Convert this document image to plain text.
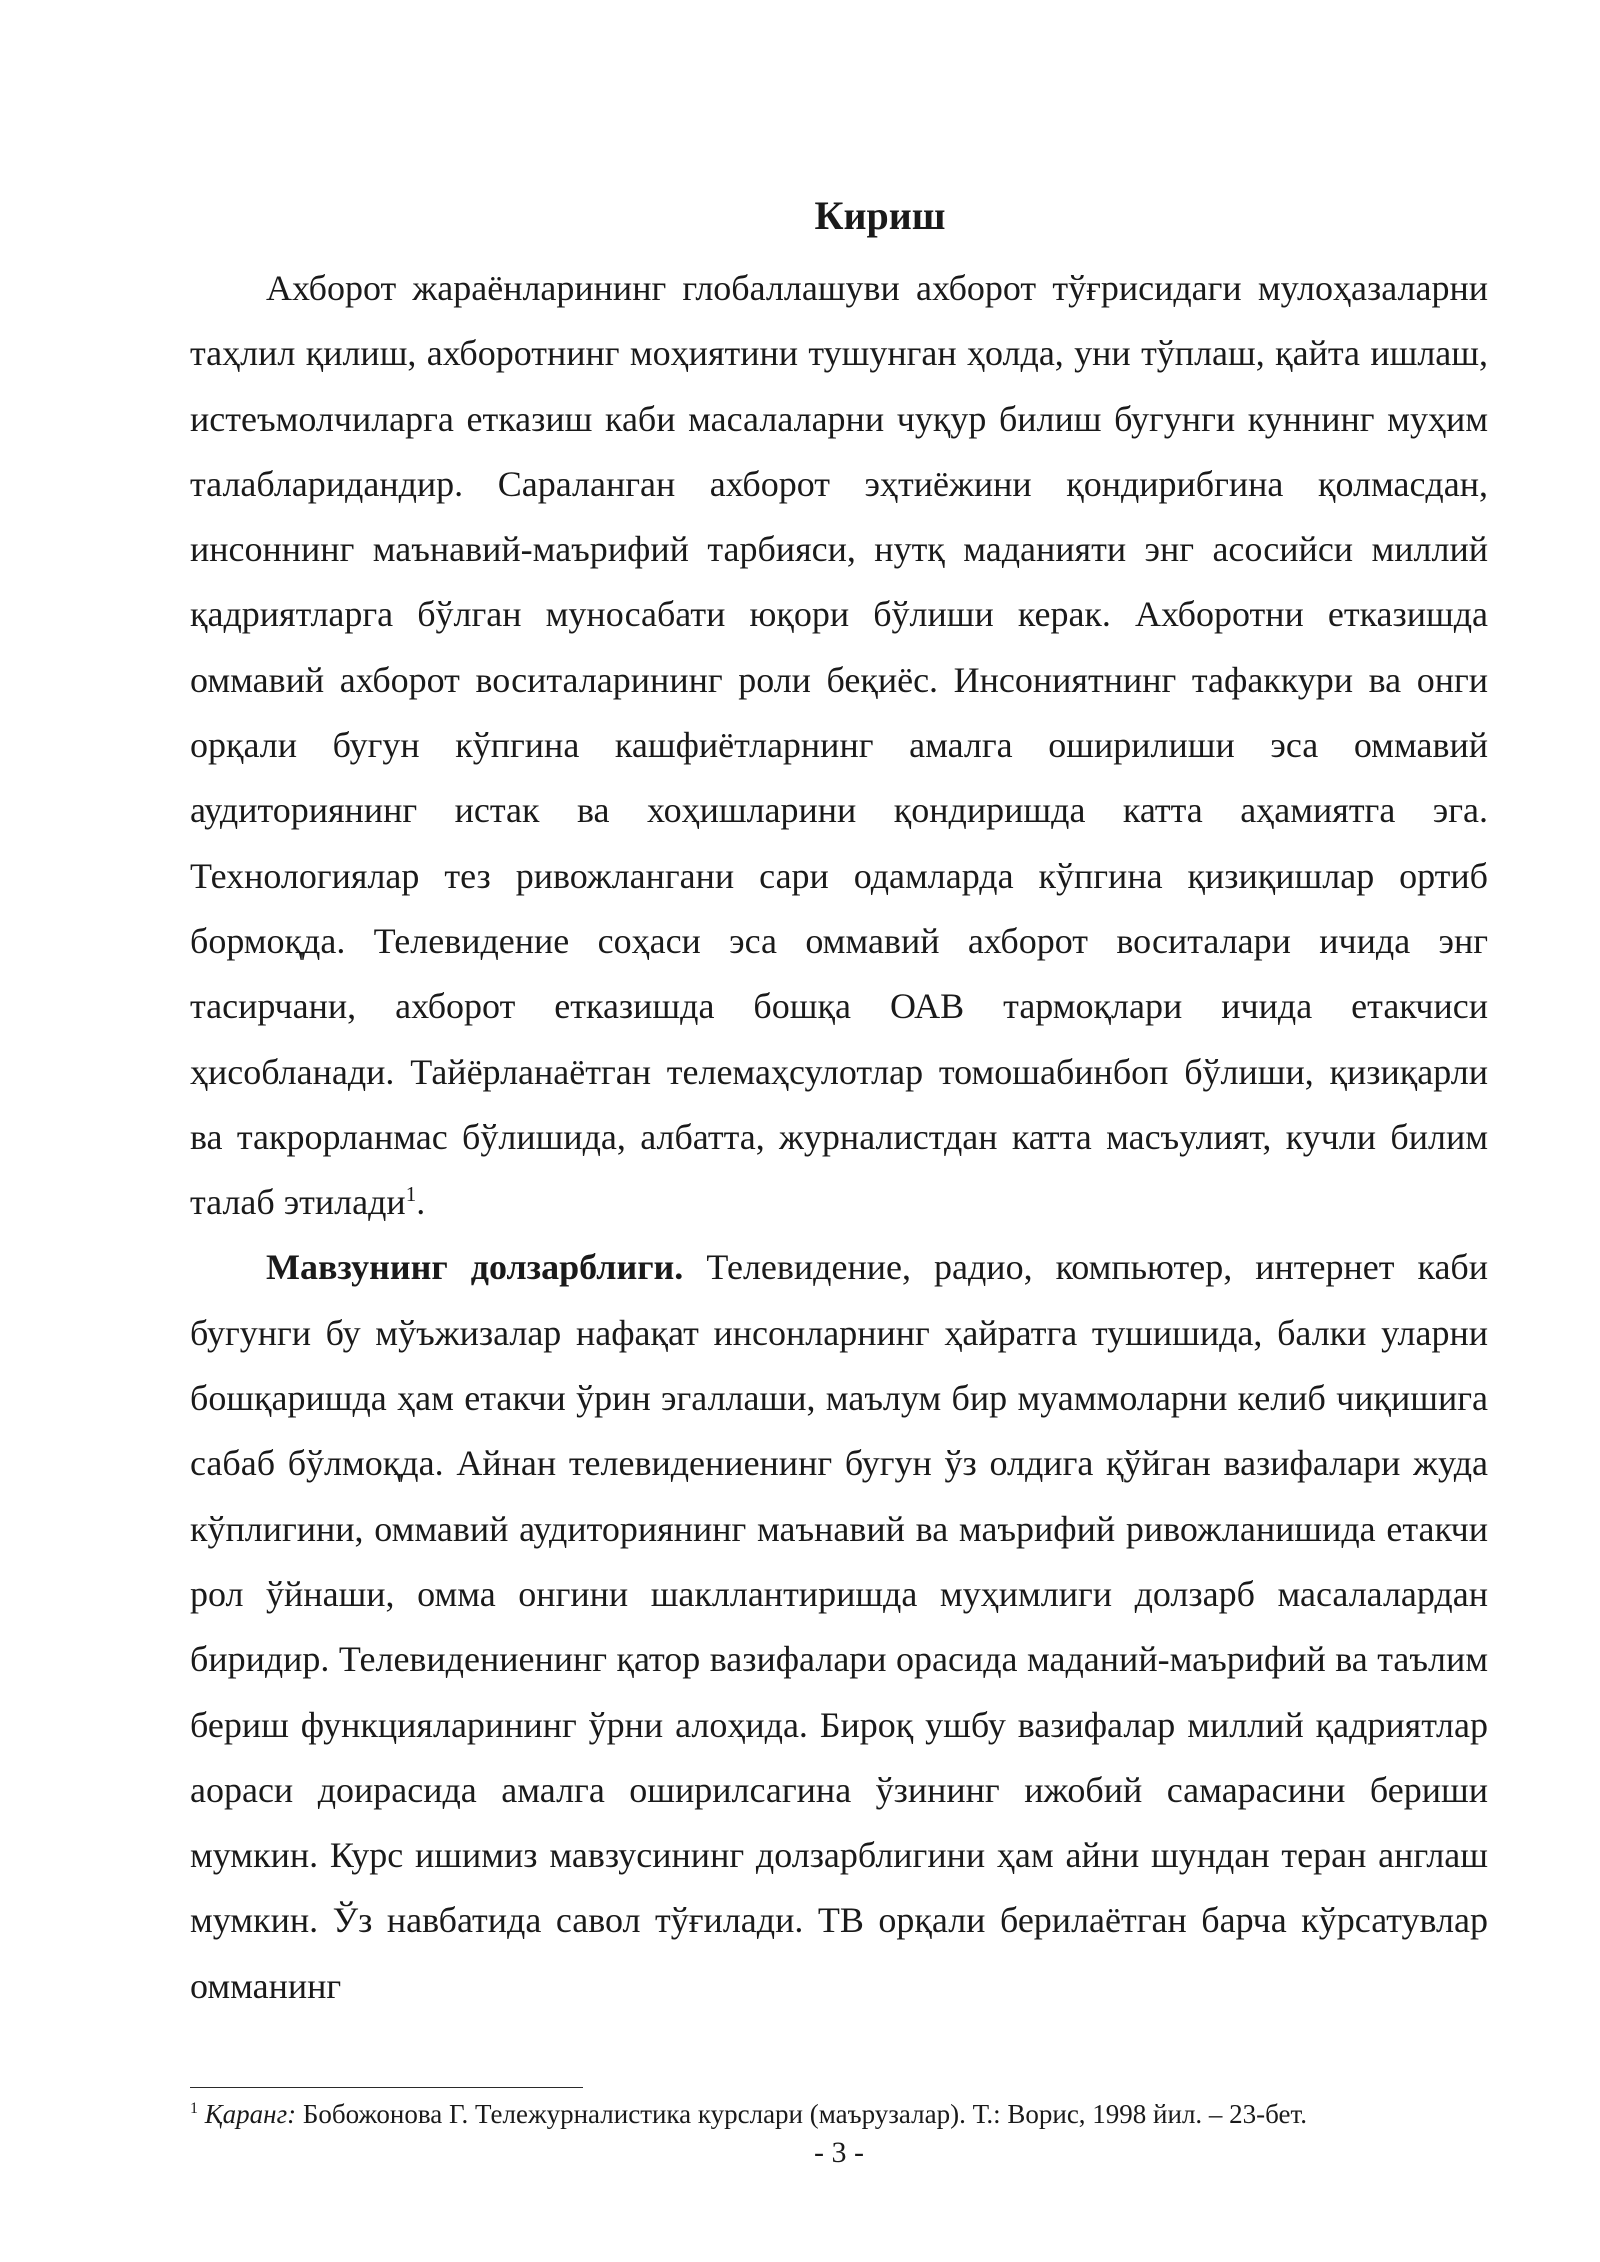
Кириш

Ахборот жараёнларининг глобаллашуви ахборот тўғрисидаги мулоҳазаларни таҳлил қилиш, ахборотнинг моҳиятини тушунган ҳолда, уни тўплаш, қайта ишлаш, истеъмолчиларга етказиш каби масалаларни чуқур билиш бугунги куннинг муҳим талабларидандир. Сараланган ахборот эҳтиёжини қондирибгина қолмасдан, инсоннинг маънавий-маърифий тарбияси, нутқ маданияти энг асосийси миллий қадриятларга бўлган муносабати юқори бўлиши керак. Ахборотни етказишда оммавий ахборот воситаларининг роли беқиёс. Инсониятнинг тафаккури ва онги орқали бугун кўпгина кашфиётларнинг амалга оширилиши эса оммавий аудиториянинг истак ва хоҳишларини қондиришда катта аҳамиятга эга. Технологиялар тез ривожлангани сари одамларда кўпгина қизиқишлар ортиб бормоқда. Телевидение соҳаси эса оммавий ахборот воситалари ичида энг тасирчани, ахборот етказишда бошқа ОАВ тармоқлари ичида етакчиси ҳисобланади. Тайёрланаётган телемаҳсулотлар томошабинбоп бўлиши, қизиқарли ва такрорланмас бўлишида, албатта, журналистдан катта масъулият, кучли билим талаб этилади$^1$.

Мавзунинг долзарблиги. Телевидение, радио, компьютер, интернет каби бугунги бу мўъжизалар нафақат инсонларнинг ҳайратга тушишида, балки уларни бошқаришда ҳам етакчи ўрин эгаллаши, маълум бир муаммоларни келиб чиқишига сабаб бўлмоқда. Айнан телевидениенинг бугун ўз олдига қўйган вазифалари жуда кўплигини, оммавий аудиториянинг маънавий ва маърифий ривожланишида етакчи рол ўйнаши, омма онгини шакллантиришда муҳимлиги долзарб масалалардан биридир. Телевидениенинг қатор вазифалари орасида маданий-маърифий ва таълим бериш функцияларининг ўрни алоҳида. Бироқ ушбу вазифалар миллий қадриятлар аораси доирасида амалга оширилсагина ўзининг ижобий самарасини бериши мумкин. Курс ишимиз мавзусининг долзарблигини ҳам айни шундан теран англаш мумкин. Ўз навбатида савол тўғилади. ТВ орқали берилаётган барча кўрсатувлар омманинг

$^1$ Қаранг: Бобожонова Г. Тележурналистика курслари (маърузалар). Т.: Ворис, 1998 йил. – 23-бет.

- 3 -
